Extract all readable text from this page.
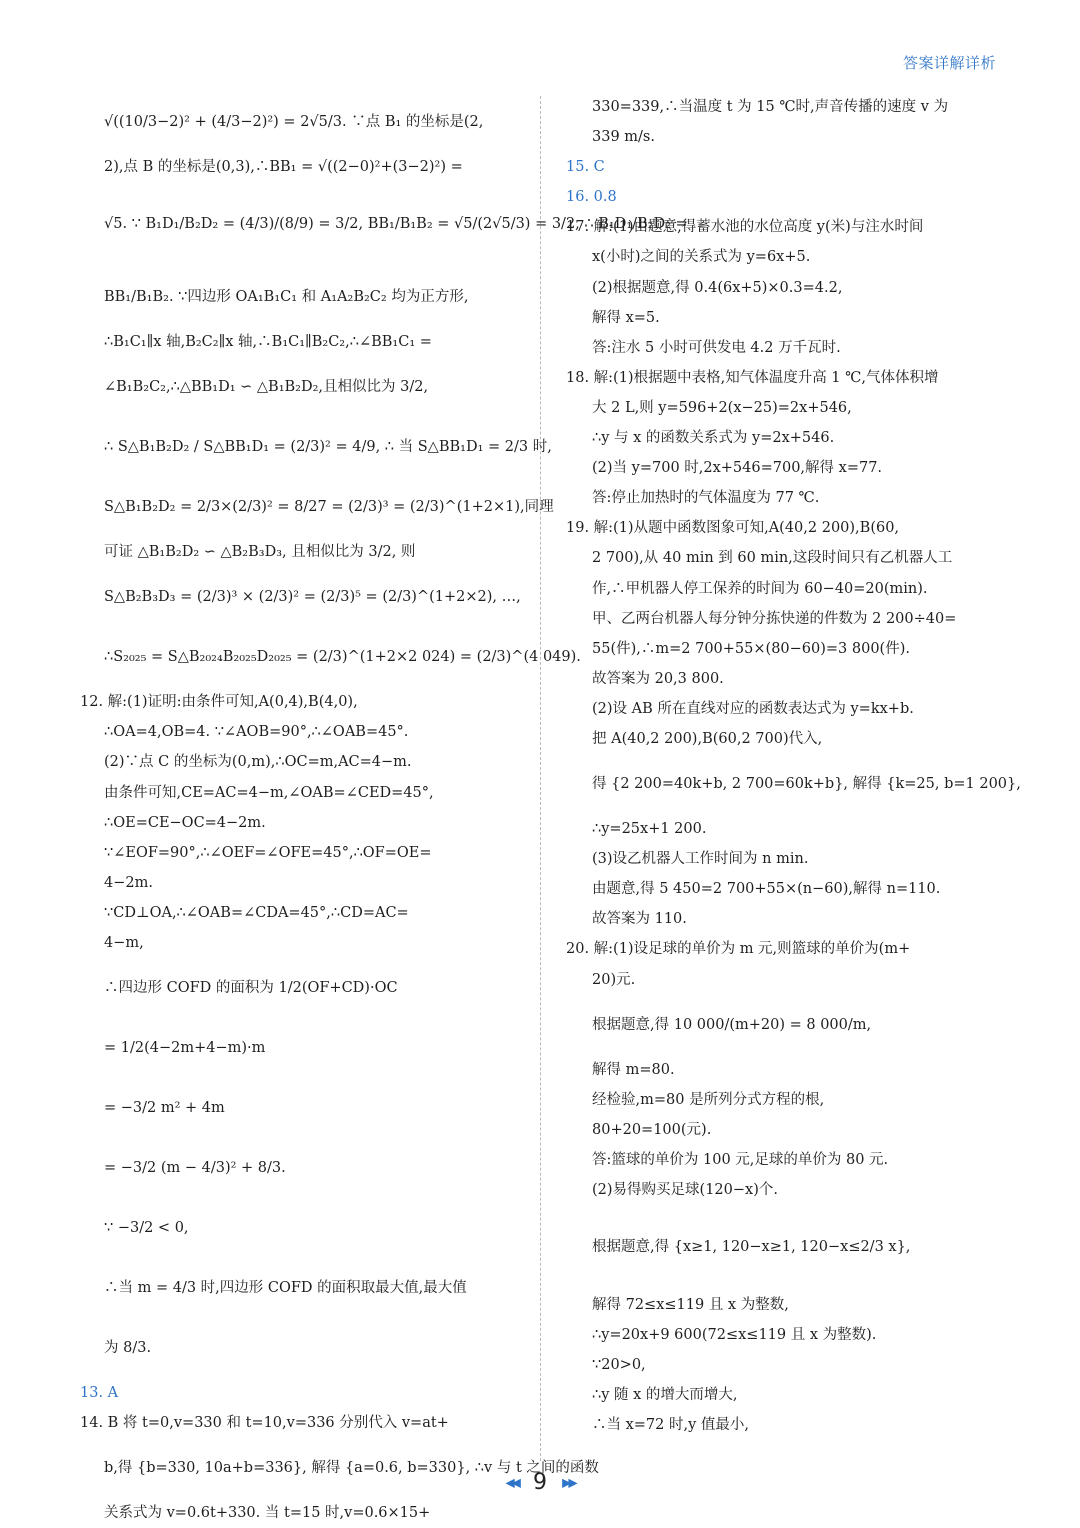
答案详解详析
√((10/3−2)² + (4/3−2)²) = 2√5/3. ∵点 B₁ 的坐标是(2,
2),点 B 的坐标是(0,3),∴BB₁ = √((2−0)²+(3−2)²) =
√5. ∵ B₁D₁/B₂D₂ = (4/3)/(8/9) = 3/2, BB₁/B₁B₂ = √5/(2√5/3) = 3/2, ∴ B₁D₁/B₂D₂ =
BB₁/B₁B₂. ∵四边形 OA₁B₁C₁ 和 A₁A₂B₂C₂ 均为正方形,
∴B₁C₁∥x 轴,B₂C₂∥x 轴,∴B₁C₁∥B₂C₂,∴∠BB₁C₁ =
∠B₁B₂C₂,∴△BB₁D₁ ∽ △B₁B₂D₂,且相似比为 3/2,
∴ S△B₁B₂D₂ / S△BB₁D₁ = (2/3)² = 4/9, ∴ 当 S△BB₁D₁ = 2/3 时,
S△B₁B₂D₂ = 2/3×(2/3)² = 8/27 = (2/3)³ = (2/3)^(1+2×1),同理
可证 △B₁B₂D₂ ∽ △B₂B₃D₃, 且相似比为 3/2, 则
S△B₂B₃D₃ = (2/3)³ × (2/3)² = (2/3)⁵ = (2/3)^(1+2×2), …,
∴S₂₀₂₅ = S△B₂₀₂₄B₂₀₂₅D₂₀₂₅ = (2/3)^(1+2×2 024) = (2/3)^(4 049).
12. 解:(1)证明:由条件可知,A(0,4),B(4,0),
∴OA=4,OB=4. ∵∠AOB=90°,∴∠OAB=45°.
(2)∵点 C 的坐标为(0,m),∴OC=m,AC=4−m.
由条件可知,CE=AC=4−m,∠OAB=∠CED=45°,
∴OE=CE−OC=4−2m.
∵∠EOF=90°,∴∠OEF=∠OFE=45°,∴OF=OE=
4−2m.
∵CD⊥OA,∴∠OAB=∠CDA=45°,∴CD=AC=
4−m,
∴四边形 COFD 的面积为 1/2(OF+CD)·OC
= 1/2(4−2m+4−m)·m
= −3/2 m² + 4m
= −3/2 (m − 4/3)² + 8/3.
∵ −3/2 < 0,
∴当 m = 4/3 时,四边形 COFD 的面积取最大值,最大值
为 8/3.
13. A
14. B 将 t=0,v=330 和 t=10,v=336 分别代入 v=at+
b,得 {b=330, 10a+b=336}, 解得 {a=0.6, b=330}, ∴v 与 t 之间的函数
关系式为 v=0.6t+330. 当 t=15 时,v=0.6×15+
330=339,∴当温度 t 为 15 ℃时,声音传播的速度 v 为
339 m/s.
15. C
16. 0.8
17. 解:(1)由题意,得蓄水池的水位高度 y(米)与注水时间
x(小时)之间的关系式为 y=6x+5.
(2)根据题意,得 0.4(6x+5)×0.3=4.2,
解得 x=5.
答:注水 5 小时可供发电 4.2 万千瓦时.
18. 解:(1)根据题中表格,知气体温度升高 1 ℃,气体体积增
大 2 L,则 y=596+2(x−25)=2x+546,
∴y 与 x 的函数关系式为 y=2x+546.
(2)当 y=700 时,2x+546=700,解得 x=77.
答:停止加热时的气体温度为 77 ℃.
19. 解:(1)从题中函数图象可知,A(40,2 200),B(60,
2 700),从 40 min 到 60 min,这段时间只有乙机器人工
作,∴甲机器人停工保养的时间为 60−40=20(min).
甲、乙两台机器人每分钟分拣快递的件数为 2 200÷40=
55(件),∴m=2 700+55×(80−60)=3 800(件).
故答案为 20,3 800.
(2)设 AB 所在直线对应的函数表达式为 y=kx+b.
把 A(40,2 200),B(60,2 700)代入,
得 {2 200=40k+b, 2 700=60k+b}, 解得 {k=25, b=1 200},
∴y=25x+1 200.
(3)设乙机器人工作时间为 n min.
由题意,得 5 450=2 700+55×(n−60),解得 n=110.
故答案为 110.
20. 解:(1)设足球的单价为 m 元,则篮球的单价为(m+
20)元.
根据题意,得 10 000/(m+20) = 8 000/m,
解得 m=80.
经检验,m=80 是所列分式方程的根,
80+20=100(元).
答:篮球的单价为 100 元,足球的单价为 80 元.
(2)易得购买足球(120−x)个.
根据题意,得 {x≥1, 120−x≥1, 120−x≤2/3 x},
解得 72≤x≤119 且 x 为整数,
∴y=20x+9 600(72≤x≤119 且 x 为整数).
∵20>0,
∴y 随 x 的增大而增大,
∴当 x=72 时,y 值最小,
◀◀ 9 ▶▶
